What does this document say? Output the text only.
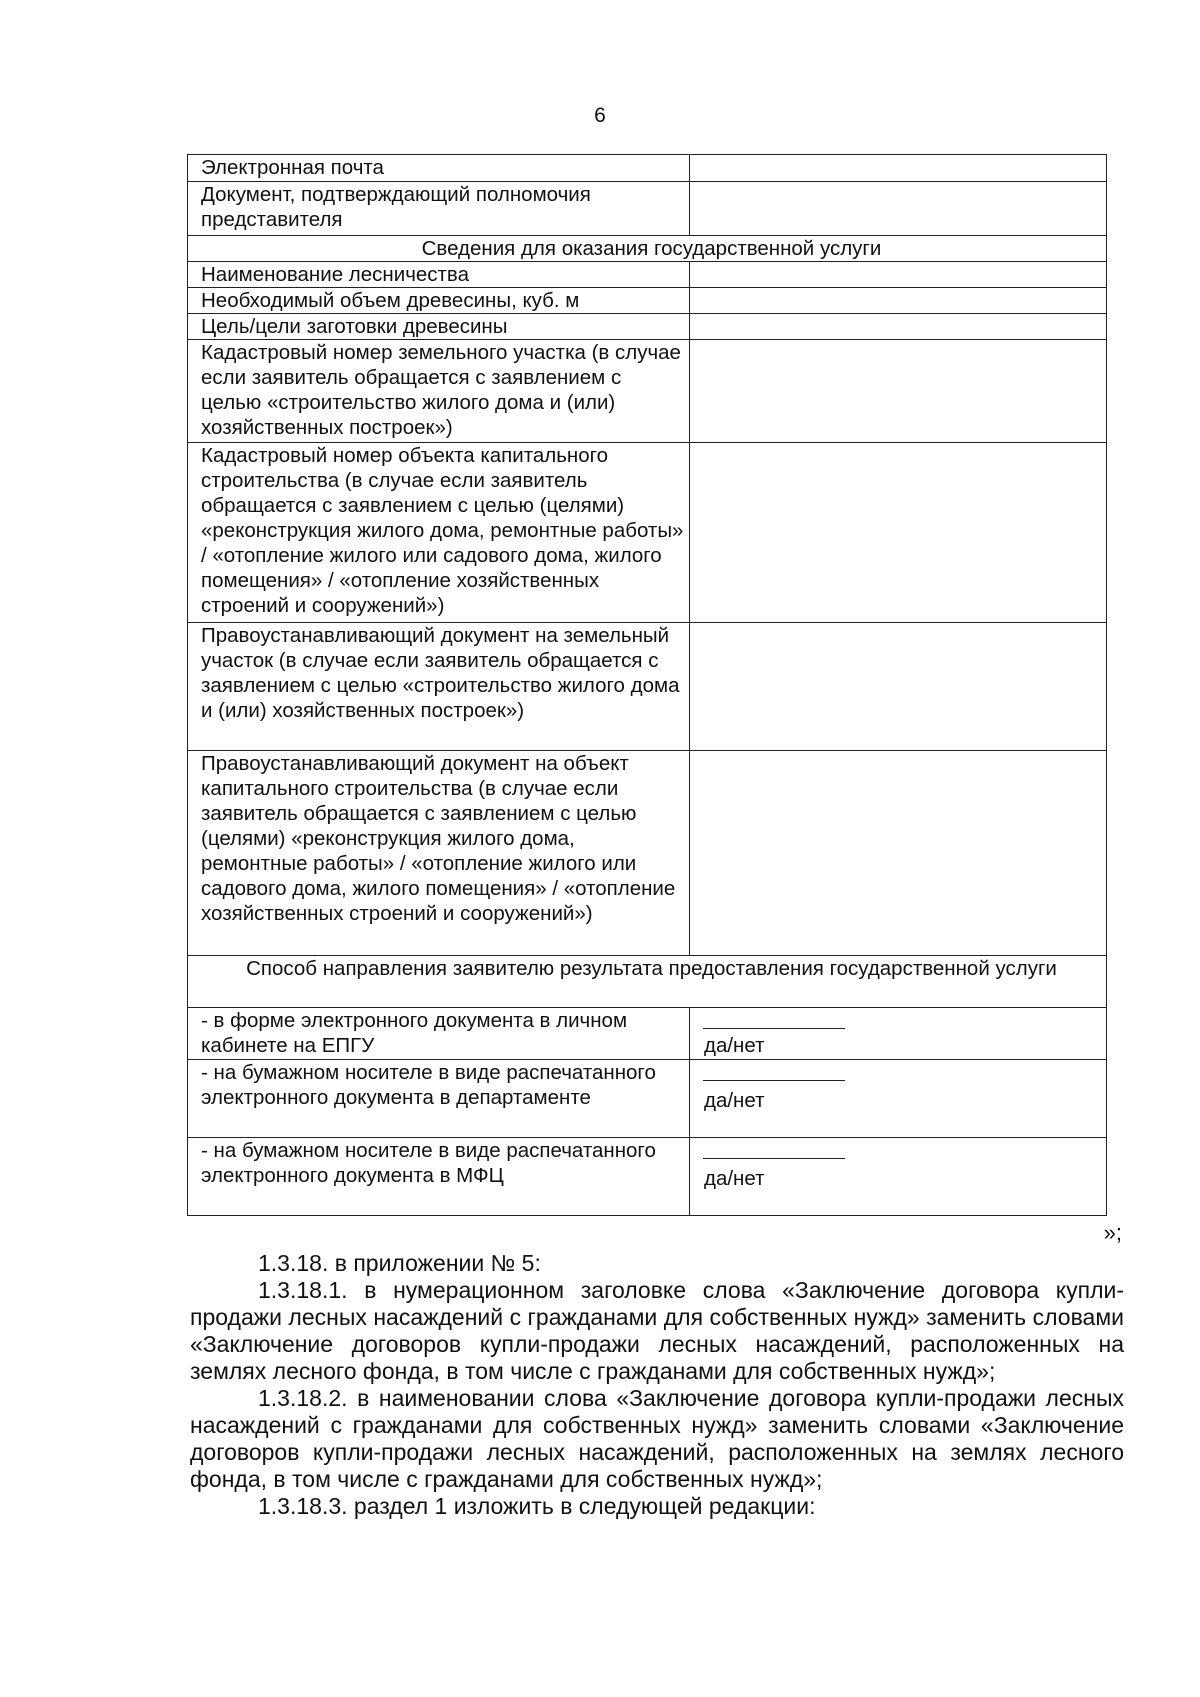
6
Электронная почта	
Документ, подтверждающий полномочия представителя	
Сведения для оказания государственной услуги	
Наименование лесничества	
Необходимый объем древесины, куб. м	
Цель/цели заготовки древесины	
Кадастровый номер земельного участка (в случае если заявитель обращается с заявлением с целью «строительство жилого дома и (или) хозяйственных построек»)	
Кадастровый номер объекта капитального строительства (в случае если заявитель обращается с заявлением с целью (целями) «реконструкция жилого дома, ремонтные работы» / «отопление жилого или садового дома, жилого помещения» / «отопление хозяйственных строений и сооружений»)	
Правоустанавливающий документ на земельный участок (в случае если заявитель обращается с заявлением с целью «строительство жилого дома и (или) хозяйственных построек»)	
Правоустанавливающий документ на объект капитального строительства (в случае если заявитель обращается с заявлением с целью (целями) «реконструкция жилого дома, ремонтные работы» / «отопление жилого или садового дома, жилого помещения» / «отопление хозяйственных строений и сооружений»)	
Способ направления заявителю результата предоставления государственной услуги	
- в форме электронного документа в личном кабинете на ЕПГУ	да/нет

- на бумажном носителе в виде распечатанного электронного документа в департаменте	да/нет

- на бумажном носителе в виде распечатанного электронного документа в МФЦ	да/нет
»;

1.3.18. в приложении № 5:

1.3.18.1. в нумерационном заголовке слова «Заключение договора купли-продажи лесных насаждений с гражданами для собственных нужд» заменить словами «Заключение договоров купли-продажи лесных насаждений, расположенных на землях лесного фонда, в том числе с гражданами для собственных нужд»;

1.3.18.2. в наименовании слова «Заключение договора купли-продажи лесных насаждений с гражданами для собственных нужд» заменить словами «Заключение договоров купли-продажи лесных насаждений, расположенных на землях лесного фонда, в том числе с гражданами для собственных нужд»;

1.3.18.3. раздел 1 изложить в следующей редакции:
